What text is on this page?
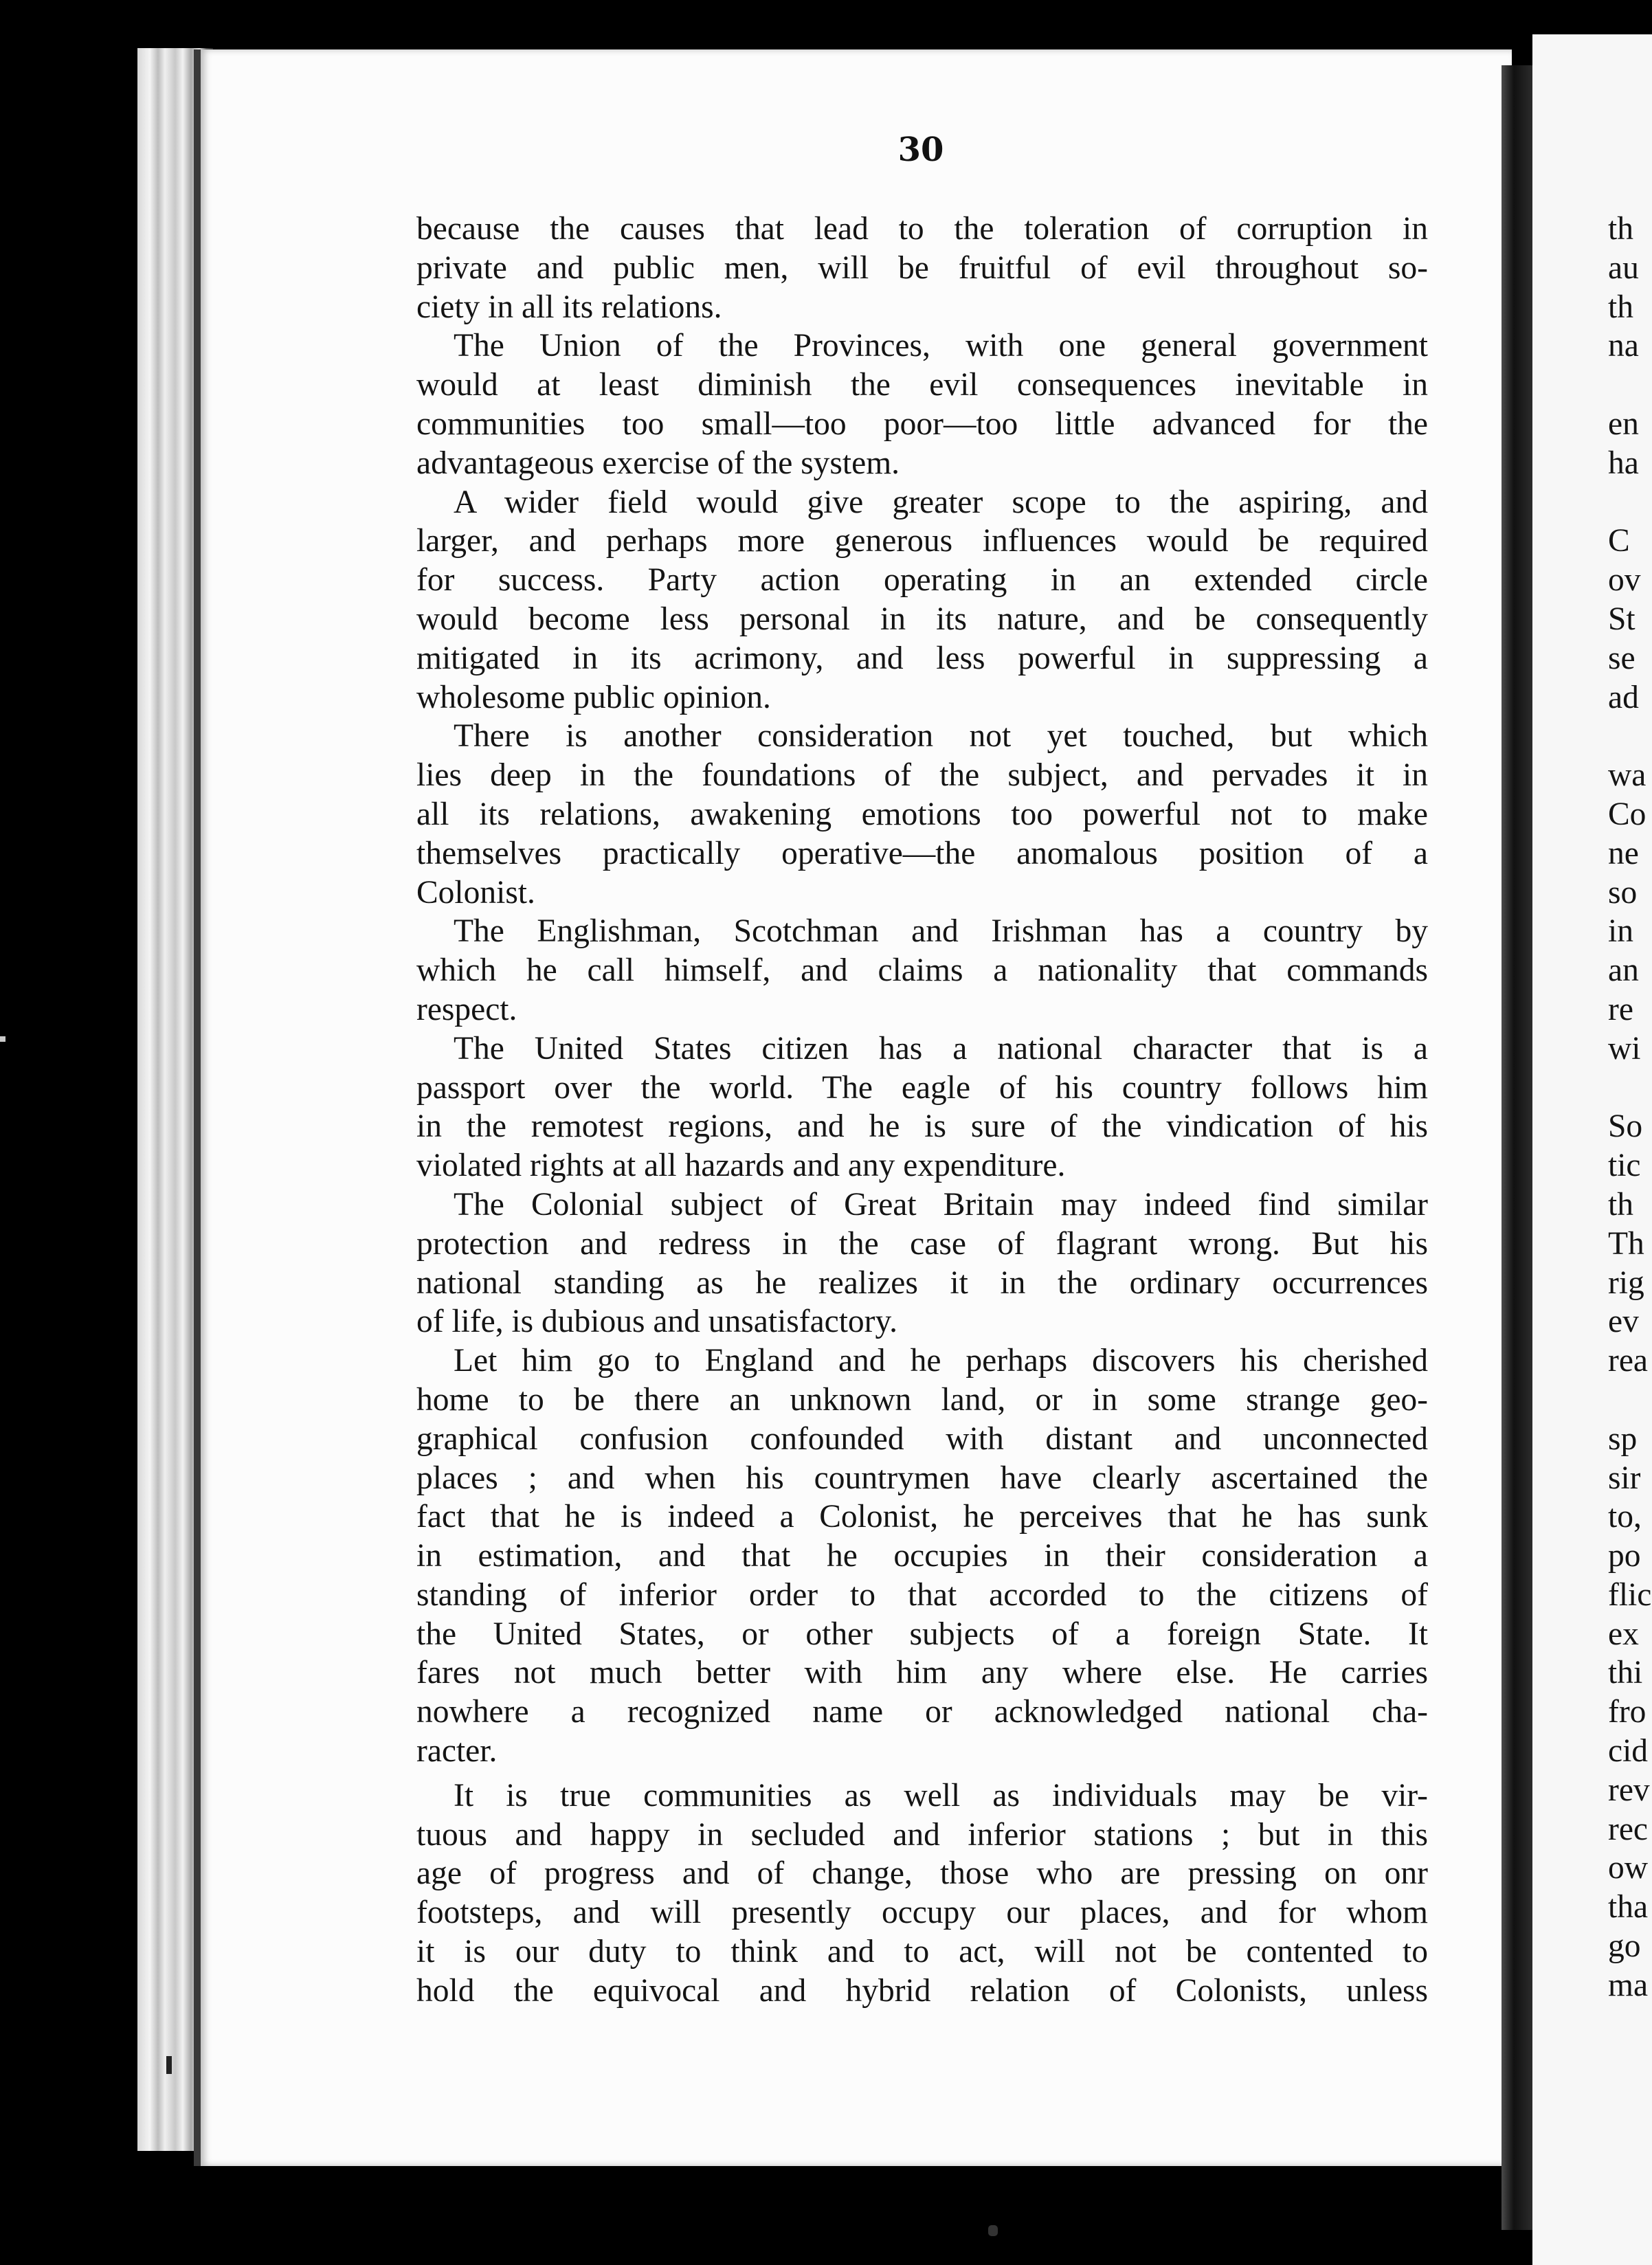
30
because the causes that lead to the toleration of corruption in
private and public men, will be fruitful of evil throughout so-
ciety in all its relations.
The Union of the Provinces, with one general government
would at least diminish the evil consequences inevitable in
communities too small—too poor—too little advanced for the
advantageous exercise of the system.
A wider field would give greater scope to the aspiring, and
larger, and perhaps more generous influences would be required
for success. Party action operating in an extended circle
would become less personal in its nature, and be consequently
mitigated in its acrimony, and less powerful in suppressing a
wholesome public opinion.
There is another consideration not yet touched, but which
lies deep in the foundations of the subject, and pervades it in
all its relations, awakening emotions too powerful not to make
themselves practically operative—the anomalous position of a
Colonist.
The Englishman, Scotchman and Irishman has a country by
which he call himself, and claims a nationality that commands
respect.
The United States citizen has a national character that is a
passport over the world. The eagle of his country follows him
in the remotest regions, and he is sure of the vindication of his
violated rights at all hazards and any expenditure.
The Colonial subject of Great Britain may indeed find similar
protection and redress in the case of flagrant wrong. But his
national standing as he realizes it in the ordinary occurrences
of life, is dubious and unsatisfactory.
Let him go to England and he perhaps discovers his cherished
home to be there an unknown land, or in some strange geo-
graphical confusion confounded with distant and unconnected
places ; and when his countrymen have clearly ascertained the
fact that he is indeed a Colonist, he perceives that he has sunk
in estimation, and that he occupies in their consideration a
standing of inferior order to that accorded to the citizens of
the United States, or other subjects of a foreign State. It
fares not much better with him any where else. He carries
nowhere a recognized name or acknowledged national cha-
racter.
It is true communities as well as individuals may be vir-
tuous and happy in secluded and inferior stations ; but in this
age of progress and of change, those who are pressing on onr
footsteps, and will presently occupy our places, and for whom
it is our duty to think and to act, will not be contented to
hold the equivocal and hybrid relation of Colonists, unless
th
au
th
na
en
ha
C
ov
St
se
ad
wa
Co
ne
so
in
an
re
wi
So
tic
th
Th
rig
ev
rea
sp
sir
to,
po
flic
ex
thi
fro
cid
rev
rec
ow
tha
go
ma
